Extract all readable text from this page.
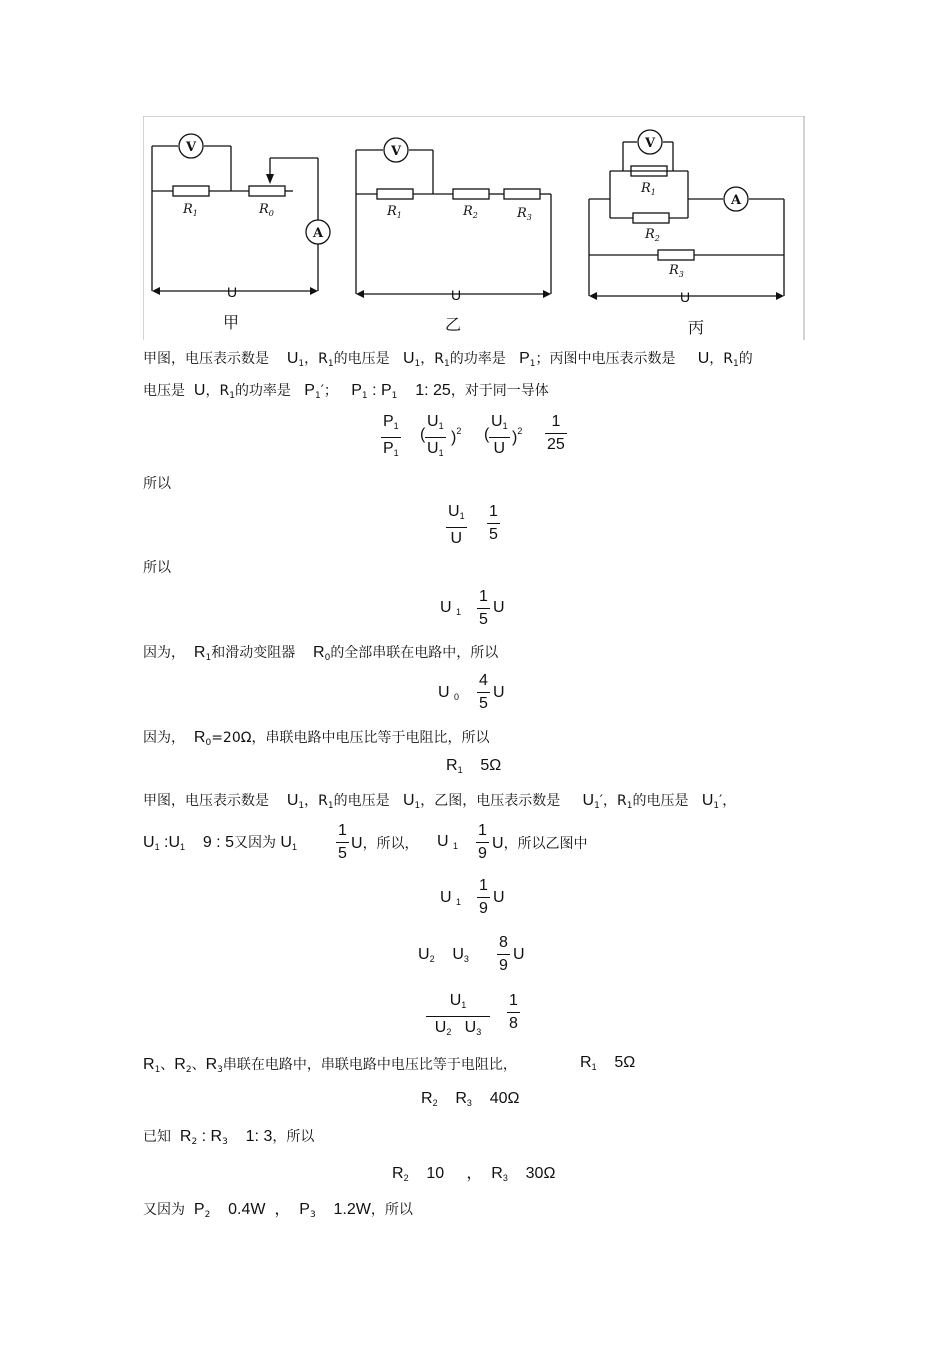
V
A
V
V
A
U	U	U
甲	乙	丙
$R_1$	$R_0$	$R_1$	$R_2$	$R_3$
$R_1$
$R_2$
$R_3$
甲图，电压表示数是 $U_1$，$R_1$的电压是 $U_1$，$R_1$的功率是 $P_1$；丙图中电压表示数是 U，$R_1$的
电压是 U，$R_1$的功率是 $P_1'$； $P_1$ : $P_1$ 1: 25，对于同一导体
$\frac{P_1}{P_1}$ ( $\frac{U_1}{U_1} )^2$ ( $\frac{U_1}{U} )^2 \frac{1}{25}$
所以
$\frac{U_1}{U} \frac{1}{5}$
所以
U $_1 \frac{1}{5}$ U
因为， $R_1$和滑动变阻器 $R_0$的全部串联在电路中，所以
U $_0 \frac{4}{5}$ U
因为， $R_0=20\Omega$，串联电路中电压比等于电阻比，所以
$R_1$ 5Ω
甲图，电压表示数是 $U_1$，$R_1$的电压是 $U_1$，乙图，电压表示数是 $U_1'$，$R_1$的电压是 $U_1'$，
$U_1$ $:U_1$ 9 : 5又因为 $U_1 \frac{1}{5}$ U，所以， U $_1 \frac{1}{9}$ U，所以乙图中
U $_1 \frac{1}{9}$ U
$U_2$ $U_3 \frac{8}{9}$ U
$\frac{U_1}{U_2 U_3} \frac{1}{8}$
$R_1$、$R_2$、$R_3$串联在电路中，串联电路中电压比等于电阻比，	$R_1$ 5Ω
$R_2$ $R_3$ 40Ω
已知 $R_2$ : $R_3$ 1: 3，所以
$R_2$ 10 ， $R_3$ 30Ω
又因为 $P_2$ 0.4W ， $P_3$ 1.2W，所以
